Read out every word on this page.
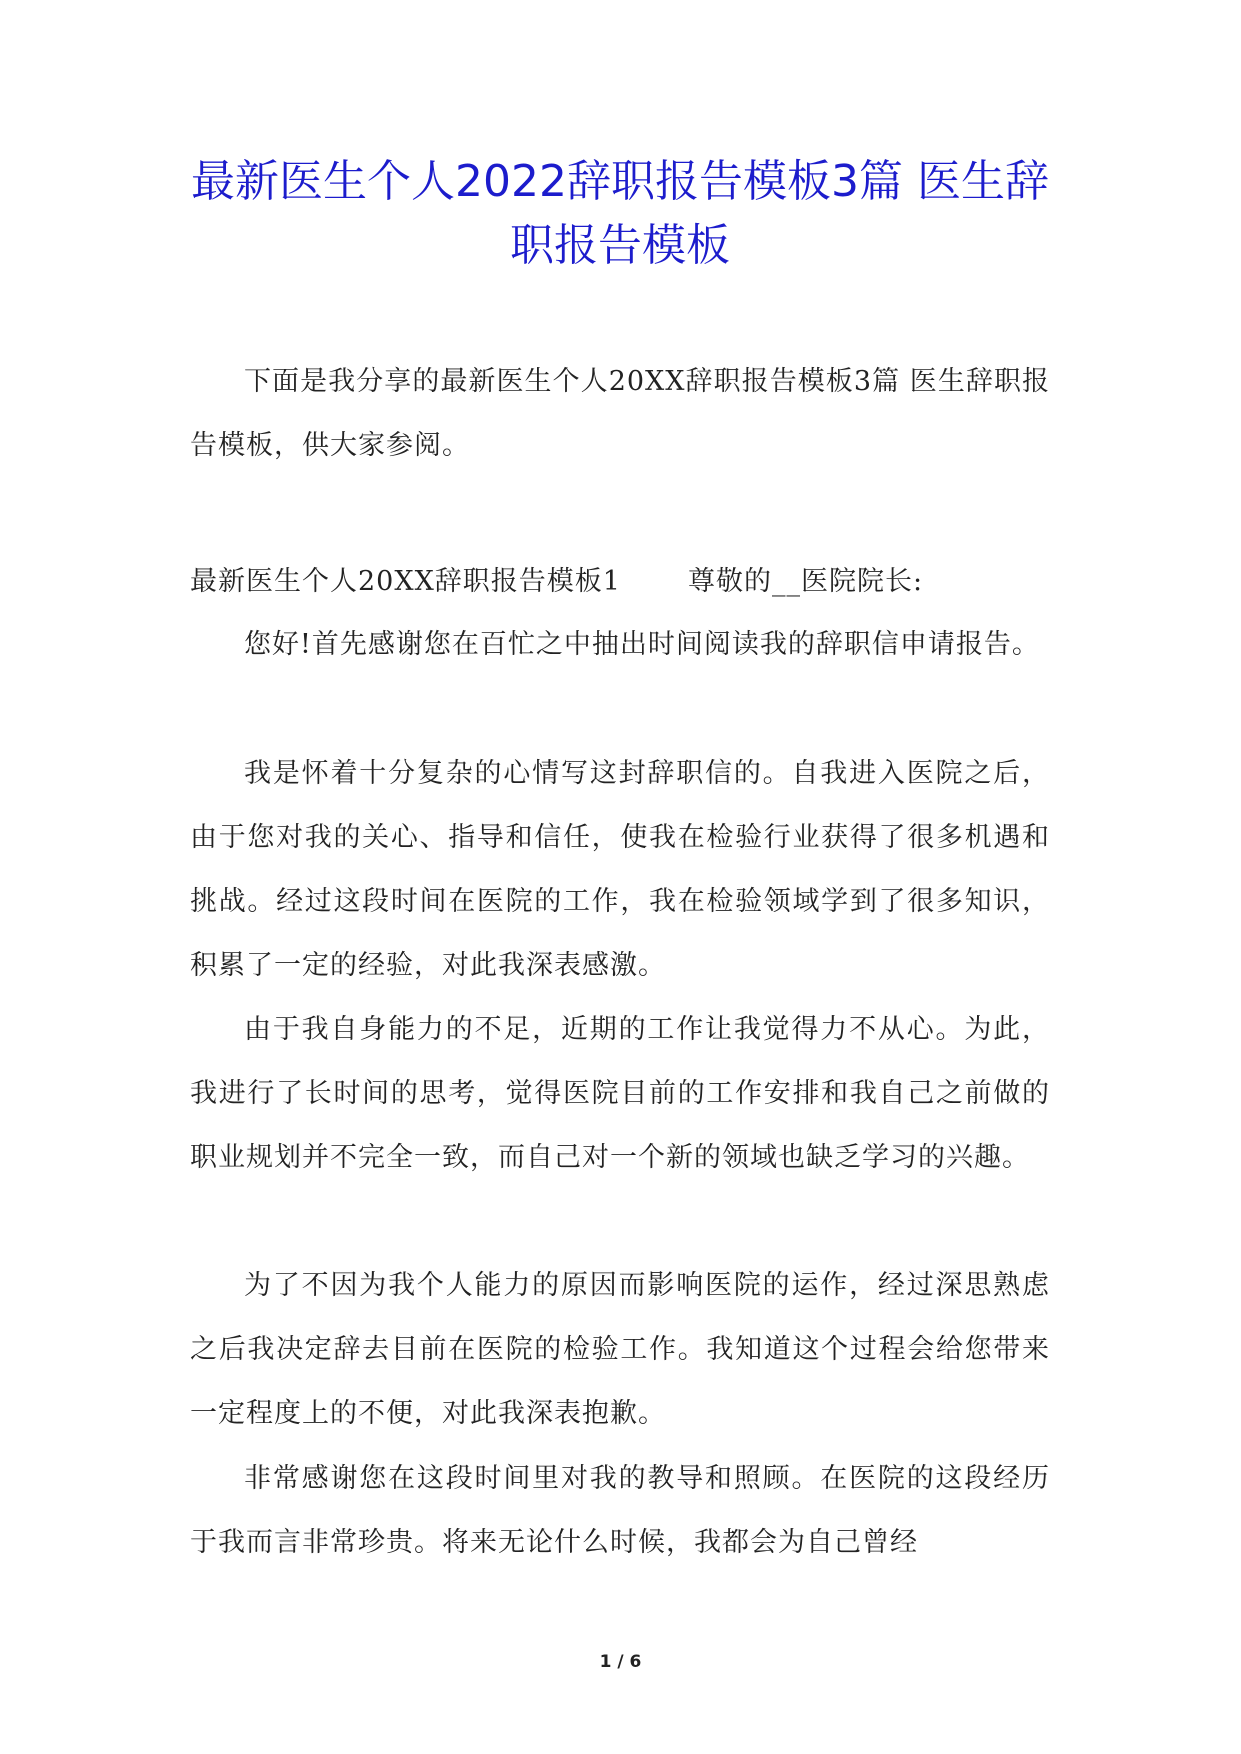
最新医生个人2022辞职报告模板3篇 医生辞职报告模板

下面是我分享的最新医生个人20XX辞职报告模板3篇 医生辞职报告模板，供大家参阅。

最新医生个人20XX辞职报告模板1       尊敬的__医院院长:

您好!首先感谢您在百忙之中抽出时间阅读我的辞职信申请报告。

我是怀着十分复杂的心情写这封辞职信的。自我进入医院之后，由于您对我的关心、指导和信任，使我在检验行业获得了很多机遇和挑战。经过这段时间在医院的工作，我在检验领域学到了很多知识，积累了一定的经验，对此我深表感激。

由于我自身能力的不足，近期的工作让我觉得力不从心。为此，我进行了长时间的思考，觉得医院目前的工作安排和我自己之前做的职业规划并不完全一致，而自己对一个新的领域也缺乏学习的兴趣。

为了不因为我个人能力的原因而影响医院的运作，经过深思熟虑之后我决定辞去目前在医院的检验工作。我知道这个过程会给您带来一定程度上的不便，对此我深表抱歉。

非常感谢您在这段时间里对我的教导和照顾。在医院的这段经历于我而言非常珍贵。将来无论什么时候，我都会为自己曾经

1 / 6
